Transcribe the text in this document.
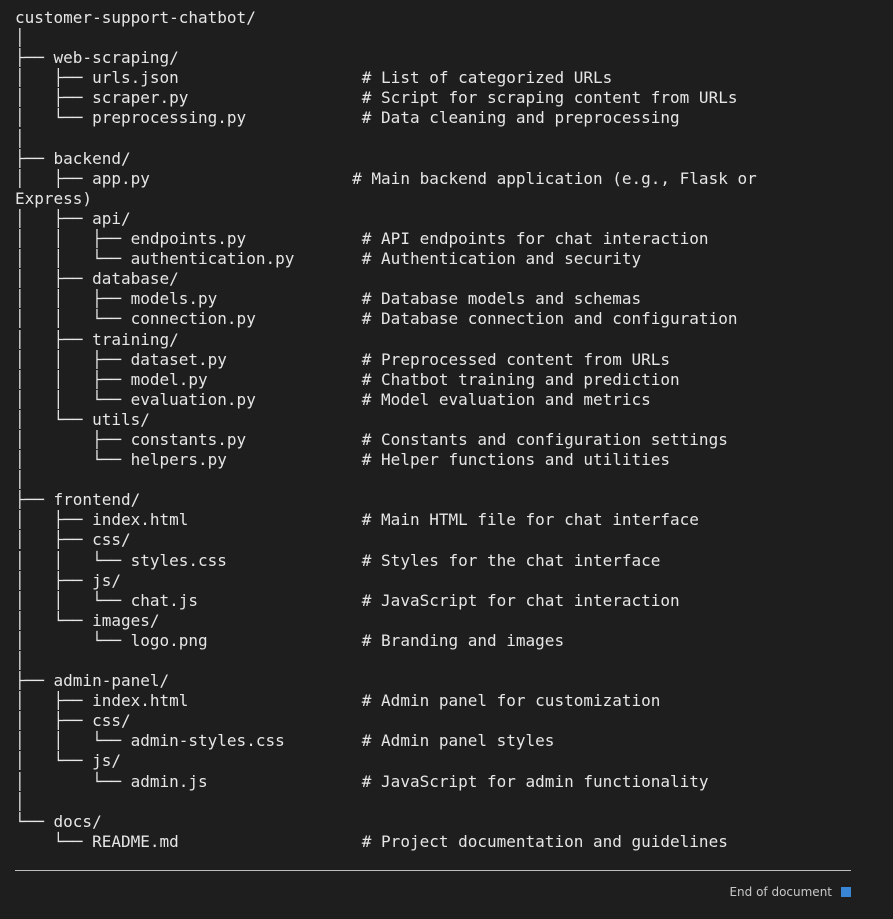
customer-support-chatbot/
│
├── web-scraping/
│   ├── urls.json                   # List of categorized URLs
│   ├── scraper.py                  # Script for scraping content from URLs
│   └── preprocessing.py            # Data cleaning and preprocessing
│
├── backend/
│   ├── app.py                     # Main backend application (e.g., Flask or
Express)
│   ├── api/
│   │   ├── endpoints.py            # API endpoints for chat interaction
│   │   └── authentication.py       # Authentication and security
│   ├── database/
│   │   ├── models.py               # Database models and schemas
│   │   └── connection.py           # Database connection and configuration
│   ├── training/
│   │   ├── dataset.py              # Preprocessed content from URLs
│   │   ├── model.py                # Chatbot training and prediction
│   │   └── evaluation.py           # Model evaluation and metrics
│   └── utils/
│       ├── constants.py            # Constants and configuration settings
│       └── helpers.py              # Helper functions and utilities
│
├── frontend/
│   ├── index.html                  # Main HTML file for chat interface
│   ├── css/
│   │   └── styles.css              # Styles for the chat interface
│   ├── js/
│   │   └── chat.js                 # JavaScript for chat interaction
│   └── images/
│       └── logo.png                # Branding and images
│
├── admin-panel/
│   ├── index.html                  # Admin panel for customization
│   ├── css/
│   │   └── admin-styles.css        # Admin panel styles
│   └── js/
│       └── admin.js                # JavaScript for admin functionality
│
└── docs/
└── README.md                   # Project documentation and guidelines
End of document
